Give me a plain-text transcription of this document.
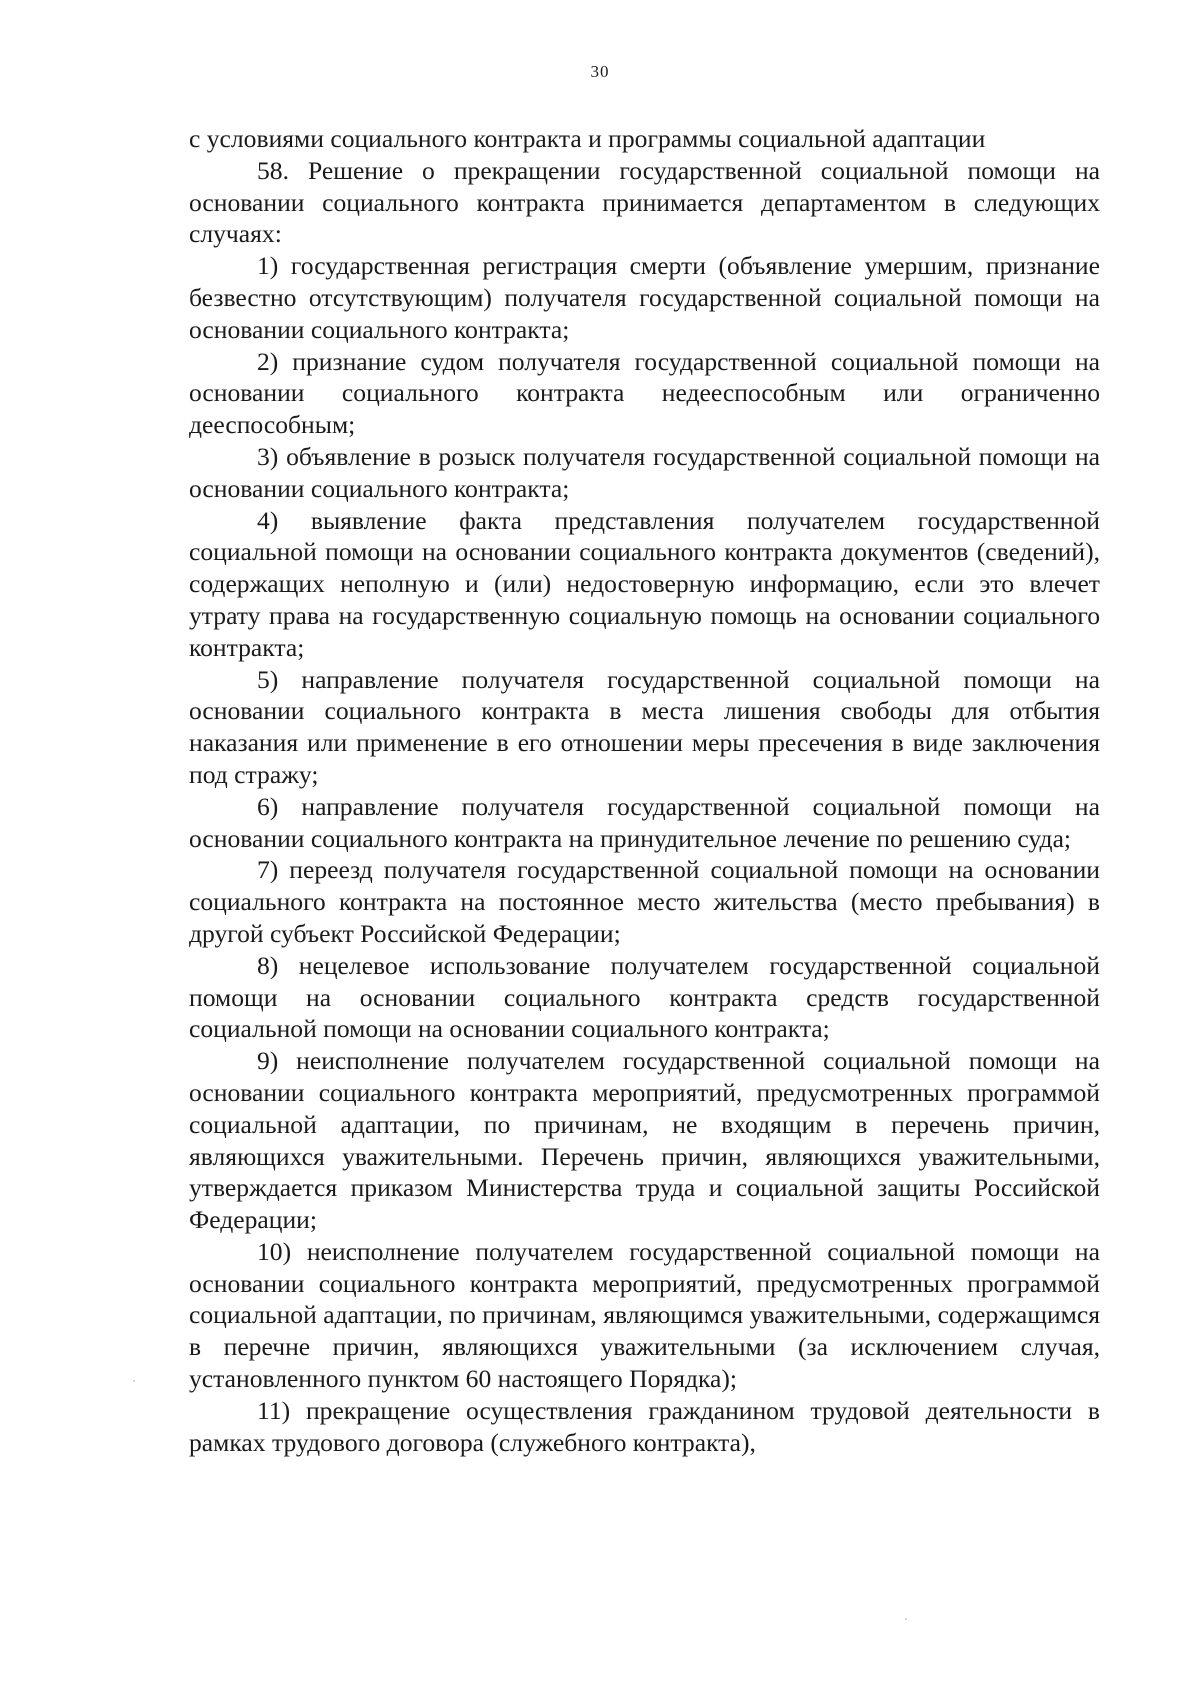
30

с условиями социального контракта и программы социальной адаптации

58. Решение о прекращении государственной социальной помощи на основании социального контракта принимается департаментом в следующих случаях:

1) государственная регистрация смерти (объявление умершим, признание безвестно отсутствующим) получателя государственной социальной помощи на основании социального контракта;

2) признание судом получателя государственной социальной помощи на основании социального контракта недееспособным или ограниченно дееспособным;

3) объявление в розыск получателя государственной социальной помощи на основании социального контракта;

4) выявление факта представления получателем государственной социальной помощи на основании социального контракта документов (сведений), содержащих неполную и (или) недостоверную информацию, если это влечет утрату права на государственную социальную помощь на основании социального контракта;

5) направление получателя государственной социальной помощи на основании социального контракта в места лишения свободы для отбытия наказания или применение в его отношении меры пресечения в виде заключения под стражу;

6) направление получателя государственной социальной помощи на основании социального контракта на принудительное лечение по решению суда;

7) переезд получателя государственной социальной помощи на основании социального контракта на постоянное место жительства (место пребывания) в другой субъект Российской Федерации;

8) нецелевое использование получателем государственной социальной помощи на основании социального контракта средств государственной социальной помощи на основании социального контракта;

9) неисполнение получателем государственной социальной помощи на основании социального контракта мероприятий, предусмотренных программой социальной адаптации, по причинам, не входящим в перечень причин, являющихся уважительными. Перечень причин, являющихся уважительными, утверждается приказом Министерства труда и социальной защиты Российской Федерации;

10) неисполнение получателем государственной социальной помощи на основании социального контракта мероприятий, предусмотренных программой социальной адаптации, по причинам, являющимся уважительными, содержащимся в перечне причин, являющихся уважительными (за исключением случая, установленного пунктом 60 настоящего Порядка);

11) прекращение осуществления гражданином трудовой деятельности в рамках трудового договора (служебного контракта),
